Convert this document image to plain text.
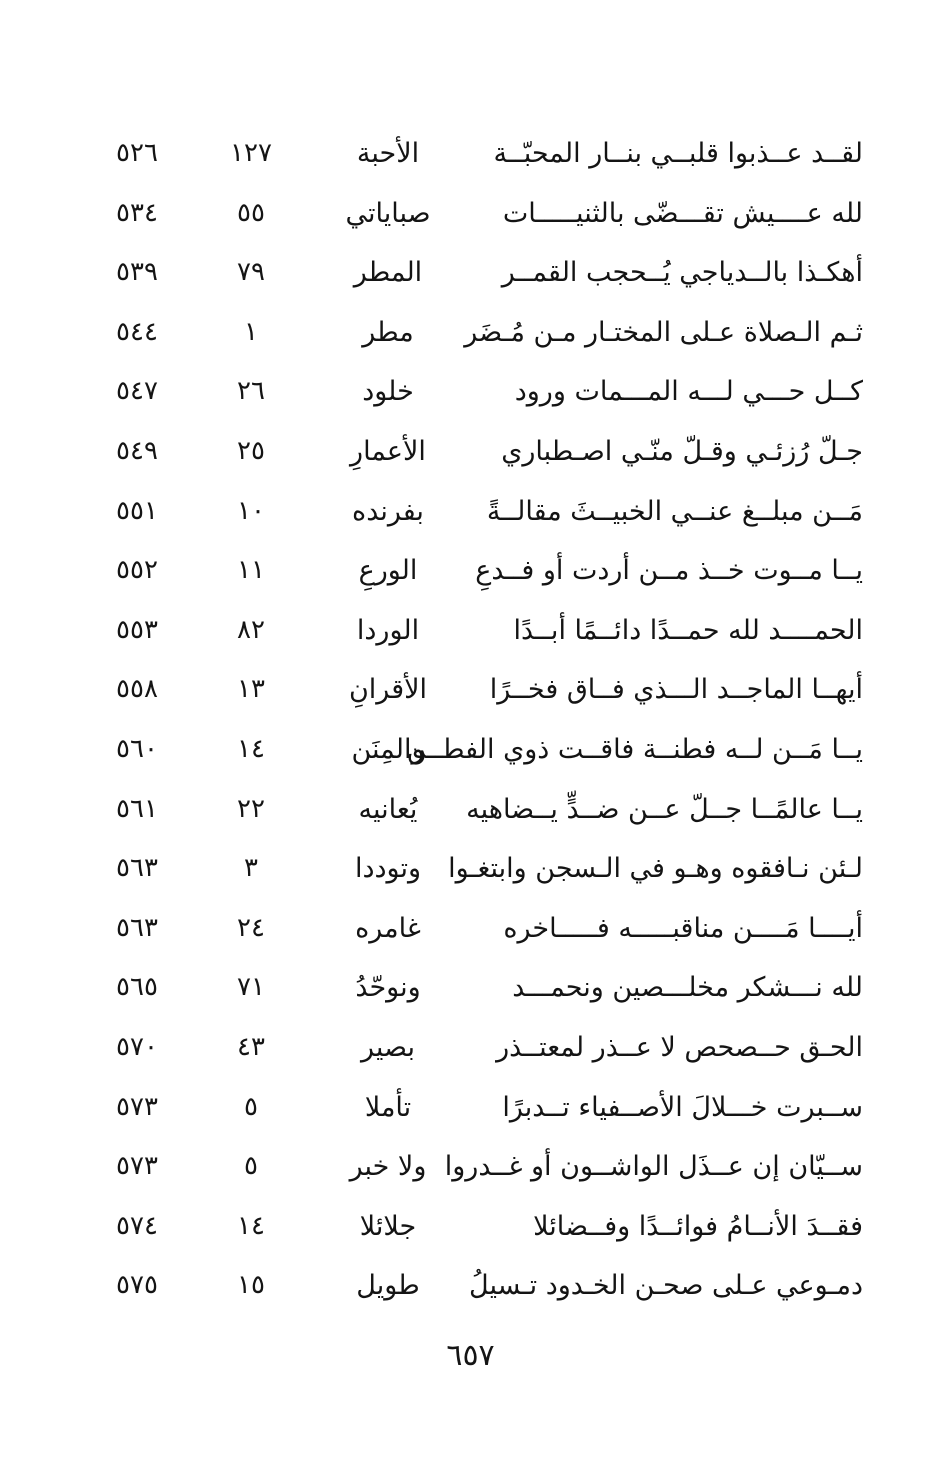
لقــد عــذبوا قلبــي بنــار المحبّــة
الأحبة
١٢٧
٥٢٦
لله عــــيش تقـــضّى بالثنيـــــات
صباياتي
٥٥
٥٣٤
أهكـذا بالــدياجي يُــحجب القمــر
المطر
٧٩
٥٣٩
ثـم الـصلاة عـلى المختـار مـن مُـضَر
مطر
١
٥٤٤
كــل حـــي لـــه المـــمات ورود
خلود
٢٦
٥٤٧
جـلّ رُزئـي وقـلّ منّـي اصـطباري
الأعمارِ
٢٥
٥٤٩
مَــن مبلــغ عنــي الخبيــثَ مقالــةً
بفرنده
١٠
٥٥١
يــا مــوت خــذ مــن أردت أو فــدعِ
الورعِ
١١
٥٥٢
الحمــــد لله حمــدًا دائــمًا أبــدًا
الوردا
٨٢
٥٥٣
أيهــا الماجــد الـــذي فــاق فخــرًا
الأقرانِ
١٣
٥٥٨
يــا مَــن لــه فطنــة فاقــت ذوي الفطــن
والمِنَن
١٤
٥٦٠
يــا عالمًــا جــلّ عــن ضــدٍّ يــضاهيه
يُعانيه
٢٢
٥٦١
لـئن نـافقوه وهـو في الـسجن وابتغـوا
وتوددا
٣
٥٦٣
أيــــا مَــــن مناقبـــــه فـــــاخره
غامره
٢٤
٥٦٣
لله نـــشكر مخلـــصين ونحمـــد
ونوحّدُ
٧١
٥٦٥
الحـق حــصحص لا عــذر لمعتــذر
بصير
٤٣
٥٧٠
ســبرت خـــلالَ الأصــفياء تــدبرًا
تأملا
٥
٥٧٣
ســيّان إن عــذَل الواشــون أو غــدروا
ولا خبر
٥
٥٧٣
فقــدَ الأنــامُ فوائــدًا وفــضائلا
جلائلا
١٤
٥٧٤
دمـوعي عـلى صحـن الخـدود تـسيلُ
طويل
١٥
٥٧٥
٦٥٧
